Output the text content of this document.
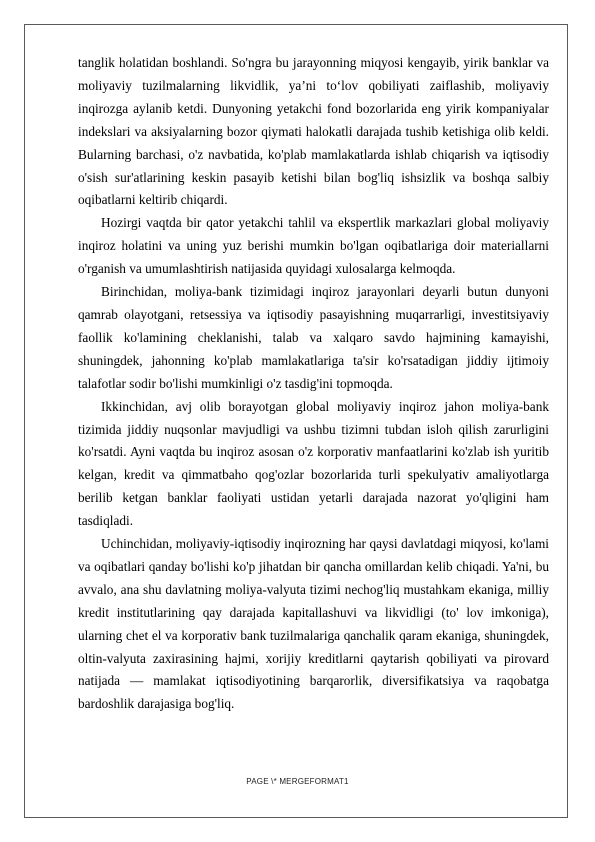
tanglik holatidan boshlandi. So'ngra bu jarayonning miqyosi kengayib, yirik banklar va moliyaviy tuzilmalarning likvidlik, ya’ni to‘lov qobiliyati zaiflashib, moliyaviy inqirozga aylanib ketdi. Dunyoning yetakchi fond bozorlarida eng yirik kompaniyalar indekslari va aksiyalarning bozor qiymati halokatli darajada tushib ketishiga olib keldi. Bularning barchasi, o'z navbatida, ko'plab mamlakatlarda ishlab chiqarish va iqtisodiy o'sish sur'atlarining keskin pasayib ketishi bilan bog'liq ishsizlik va boshqa salbiy oqibatlarni keltirib chiqardi.

Hozirgi vaqtda bir qator yetakchi tahlil va ekspertlik markazlari global moliyaviy inqiroz holatini va uning yuz berishi mumkin bo'lgan oqibatlariga doir materiallarni o'rganish va umumlashtirish natijasida quyidagi xulosalarga kelmoqda.

Birinchidan, moliya-bank tizimidagi inqiroz jarayonlari deyarli butun dunyoni qamrab olayotgani, retsessiya va iqtisodiy pasayishning muqarrarligi, investitsiyaviy faollik ko'lamining cheklanishi, talab va xalqaro savdo hajmining kamayishi, shuningdek, jahonning ko'plab mamlakatlariga ta'sir ko'rsatadigan jiddiy ijtimoiy talafotlar sodir bo'lishi mumkinligi o'z tasdig'ini topmoqda.

Ikkinchidan, avj olib borayotgan global moliyaviy inqiroz jahon moliya-bank tizimida jiddiy nuqsonlar mavjudligi va ushbu tizimni tubdan isloh qilish zarurligini ko'rsatdi. Ayni vaqtda bu inqiroz asosan o'z korporativ manfaatlarini ko'zlab ish yuritib kelgan, kredit va qimmatbaho qog'ozlar bozorlarida turli spekulyativ amaliyotlarga berilib ketgan banklar faoliyati ustidan yetarli darajada nazorat yo'qligini ham tasdiqladi.

Uchinchidan, moliyaviy-iqtisodiy inqirozning har qaysi davlatdagi miqyosi, ko'lami va oqibatlari qanday bo'lishi ko'p jihatdan bir qancha omillardan kelib chiqadi. Ya'ni, bu avvalo, ana shu davlatning moliya-valyuta tizimi nechog'liq mustahkam ekaniga, milliy kredit institutlarining qay darajada kapitallashuvi va likvidligi (to' lov imkoniga), ularning chet el va korporativ bank tuzilmalariga qanchalik qaram ekaniga, shuningdek, oltin-valyuta zaxirasining hajmi, xorijiy kreditlarni qaytarish qobiliyati va pirovard natijada — mamlakat iqtisodiyotining barqarorlik, diversifikatsiya va raqobatga bardoshlik darajasiga bog'liq.

PAGE \* MERGEFORMAT1
